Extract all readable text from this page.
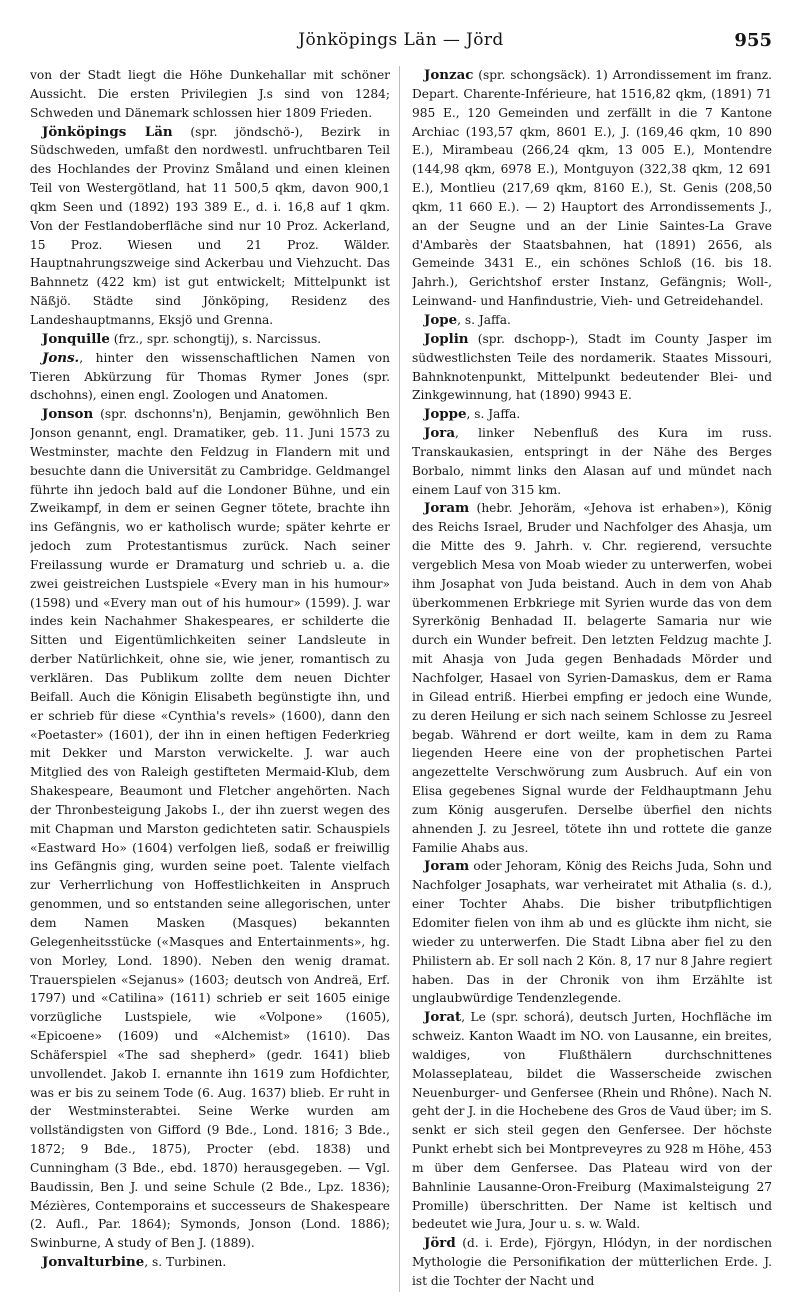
Jönköpings Län — Jörd	955

von der Stadt liegt die Höhe Dunkehallar mit schöner Aussicht. Die ersten Privilegien J.s sind von 1284; Schweden und Dänemark schlossen hier 1809 Frieden.

Jönköpings Län (spr. jöndschö-), Bezirk in Südschweden, umfaßt den nordwestl. unfruchtbaren Teil des Hochlandes der Provinz Småland und einen kleinen Teil von Westergötland, hat 11 500,5 qkm, davon 900,1 qkm Seen und (1892) 193 389 E., d. i. 16,8 auf 1 qkm. Von der Festlandoberfläche sind nur 10 Proz. Ackerland, 15 Proz. Wiesen und 21 Proz. Wälder. Hauptnahrungszweige sind Ackerbau und Viehzucht. Das Bahnnetz (422 km) ist gut entwickelt; Mittelpunkt ist Näßjö. Städte sind Jönköping, Residenz des Landeshauptmanns, Eksjö und Grenna.

Jonquille (frz., spr. schongtij), s. Narcissus.

Jons., hinter den wissenschaftlichen Namen von Tieren Abkürzung für Thomas Rymer Jones (spr. dschohns), einen engl. Zoologen und Anatomen.

Jonson (spr. dschonns'n), Benjamin, gewöhnlich Ben Jonson genannt, engl. Dramatiker, geb. 11. Juni 1573 zu Westminster, machte den Feldzug in Flandern mit und besuchte dann die Universität zu Cambridge. Geldmangel führte ihn jedoch bald auf die Londoner Bühne, und ein Zweikampf, in dem er seinen Gegner tötete, brachte ihn ins Gefängnis, wo er katholisch wurde; später kehrte er jedoch zum Protestantismus zurück. Nach seiner Freilassung wurde er Dramaturg und schrieb u. a. die zwei geistreichen Lustspiele «Every man in his humour» (1598) und «Every man out of his humour» (1599). J. war indes kein Nachahmer Shakespeares, er schilderte die Sitten und Eigentümlichkeiten seiner Landsleute in derber Natürlichkeit, ohne sie, wie jener, romantisch zu verklären. Das Publikum zollte dem neuen Dichter Beifall. Auch die Königin Elisabeth begünstigte ihn, und er schrieb für diese «Cynthia's revels» (1600), dann den «Poetaster» (1601), der ihn in einen heftigen Federkrieg mit Dekker und Marston verwickelte. J. war auch Mitglied des von Raleigh gestifteten Mermaid-Klub, dem Shakespeare, Beaumont und Fletcher angehörten. Nach der Thronbesteigung Jakobs I., der ihn zuerst wegen des mit Chapman und Marston gedichteten satir. Schauspiels «Eastward Ho» (1604) verfolgen ließ, sodaß er freiwillig ins Gefängnis ging, wurden seine poet. Talente vielfach zur Verherrlichung von Hoffestlichkeiten in Anspruch genommen, und so entstanden seine allegorischen, unter dem Namen Masken (Masques) bekannten Gelegenheitsstücke («Masques and Entertainments», hg. von Morley, Lond. 1890). Neben den wenig dramat. Trauerspielen «Sejanus» (1603; deutsch von Andreä, Erf. 1797) und «Catilina» (1611) schrieb er seit 1605 einige vorzügliche Lustspiele, wie «Volpone» (1605), «Epicoene» (1609) und «Alchemist» (1610). Das Schäferspiel «The sad shepherd» (gedr. 1641) blieb unvollendet. Jakob I. ernannte ihn 1619 zum Hofdichter, was er bis zu seinem Tode (6. Aug. 1637) blieb. Er ruht in der Westminsterabtei. Seine Werke wurden am vollständigsten von Gifford (9 Bde., Lond. 1816; 3 Bde., 1872; 9 Bde., 1875), Procter (ebd. 1838) und Cunningham (3 Bde., ebd. 1870) herausgegeben. — Vgl. Baudissin, Ben J. und seine Schule (2 Bde., Lpz. 1836); Mézières, Contemporains et successeurs de Shakespeare (2. Aufl., Par. 1864); Symonds, Jonson (Lond. 1886); Swinburne, A study of Ben J. (1889).

Jonvalturbine, s. Turbinen.

Jonzac (spr. schongsäck). 1) Arrondissement im franz. Depart. Charente-Inférieure, hat 1516,82 qkm, (1891) 71 985 E., 120 Gemeinden und zerfällt in die 7 Kantone Archiac (193,57 qkm, 8601 E.), J. (169,46 qkm, 10 890 E.), Mirambeau (266,24 qkm, 13 005 E.), Montendre (144,98 qkm, 6978 E.), Montguyon (322,38 qkm, 12 691 E.), Montlieu (217,69 qkm, 8160 E.), St. Genis (208,50 qkm, 11 660 E.). — 2) Hauptort des Arrondissements J., an der Seugne und an der Linie Saintes-La Grave d'Ambarès der Staatsbahnen, hat (1891) 2656, als Gemeinde 3431 E., ein schönes Schloß (16. bis 18. Jahrh.), Gerichtshof erster Instanz, Gefängnis; Woll-, Leinwand- und Hanfindustrie, Vieh- und Getreidehandel.

Jope, s. Jaffa.

Joplin (spr. dschopp-), Stadt im County Jasper im südwestlichsten Teile des nordamerik. Staates Missouri, Bahnknotenpunkt, Mittelpunkt bedeutender Blei- und Zinkgewinnung, hat (1890) 9943 E.

Joppe, s. Jaffa.

Jora, linker Nebenfluß des Kura im russ. Transkaukasien, entspringt in der Nähe des Berges Borbalo, nimmt links den Alasan auf und mündet nach einem Lauf von 315 km.

Joram (hebr. Jehoräm, «Jehova ist erhaben»), König des Reichs Israel, Bruder und Nachfolger des Ahasja, um die Mitte des 9. Jahrh. v. Chr. regierend, versuchte vergeblich Mesa von Moab wieder zu unterwerfen, wobei ihm Josaphat von Juda beistand. Auch in dem von Ahab überkommenen Erbkriege mit Syrien wurde das von dem Syrerkönig Benhadad II. belagerte Samaria nur wie durch ein Wunder befreit. Den letzten Feldzug machte J. mit Ahasja von Juda gegen Benhadads Mörder und Nachfolger, Hasael von Syrien-Damaskus, dem er Rama in Gilead entriß. Hierbei empfing er jedoch eine Wunde, zu deren Heilung er sich nach seinem Schlosse zu Jesreel begab. Während er dort weilte, kam in dem zu Rama liegenden Heere eine von der prophetischen Partei angezettelte Verschwörung zum Ausbruch. Auf ein von Elisa gegebenes Signal wurde der Feldhauptmann Jehu zum König ausgerufen. Derselbe überfiel den nichts ahnenden J. zu Jesreel, tötete ihn und rottete die ganze Familie Ahabs aus.

Joram oder Jehoram, König des Reichs Juda, Sohn und Nachfolger Josaphats, war verheiratet mit Athalia (s. d.), einer Tochter Ahabs. Die bisher tributpflichtigen Edomiter fielen von ihm ab und es glückte ihm nicht, sie wieder zu unterwerfen. Die Stadt Libna aber fiel zu den Philistern ab. Er soll nach 2 Kön. 8, 17 nur 8 Jahre regiert haben. Das in der Chronik von ihm Erzählte ist unglaubwürdige Tendenzlegende.

Jorat, Le (spr. schorá), deutsch Jurten, Hochfläche im schweiz. Kanton Waadt im NO. von Lausanne, ein breites, waldiges, von Flußthälern durchschnittenes Molasseplateau, bildet die Wasserscheide zwischen Neuenburger- und Genfersee (Rhein und Rhône). Nach N. geht der J. in die Hochebene des Gros de Vaud über; im S. senkt er sich steil gegen den Genfersee. Der höchste Punkt erhebt sich bei Montpreveyres zu 928 m Höhe, 453 m über dem Genfersee. Das Plateau wird von der Bahnlinie Lausanne-Oron-Freiburg (Maximalsteigung 27 Promille) überschritten. Der Name ist keltisch und bedeutet wie Jura, Jour u. s. w. Wald.

Jörd (d. i. Erde), Fjörgyn, Hlódyn, in der nordischen Mythologie die Personifikation der mütterlichen Erde. J. ist die Tochter der Nacht und
